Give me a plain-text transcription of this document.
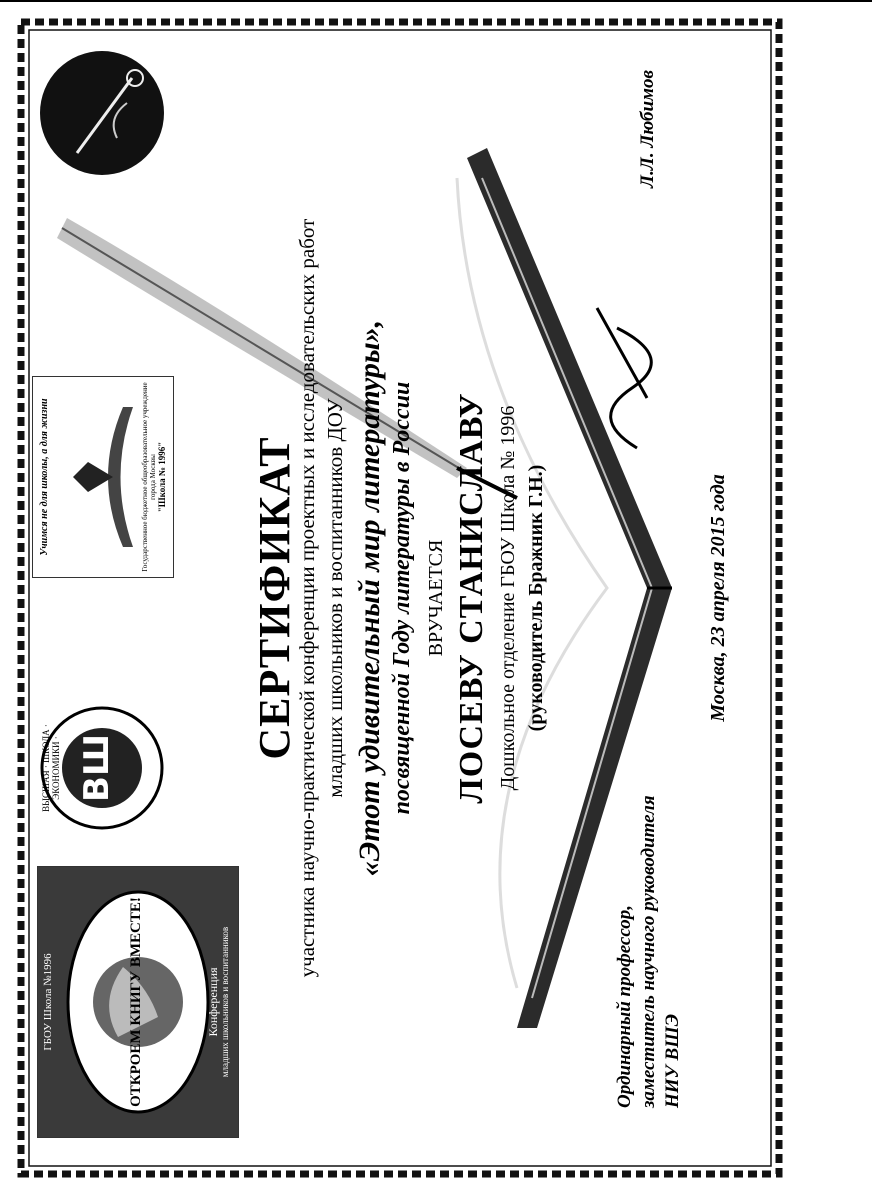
ГБОУ Школа №1996	ОТКРОЕМ КНИГУ ВМЕСТЕ!	Конференция младших школьников и воспитанников
ВШ
ВЫСШАЯ · ШКОЛА · ЭКОНОМИКИ ·
Учимся не для школы, а для жизни	Государственное бюджетное общеобразовательное учреждение города Москвы "Школа № 1996" СЕРТИФИКАТ
участника научно-практической конференции проектных и исследовательских работ младших школьников и воспитанников ДОУ «Этот удивительный мир литературы», посвященной Году литературы в России ВРУЧАЕТСЯ ЛОСЕВУ СТАНИСЛАВУ Дошкольное отделение ГБОУ Школа № 1996 (руководитель Бражник Г.Н.)
Ординарный профессор, заместитель научного руководителя НИУ ВШЭ
Л.Л. Любимов
Москва, 23 апреля 2015 года
